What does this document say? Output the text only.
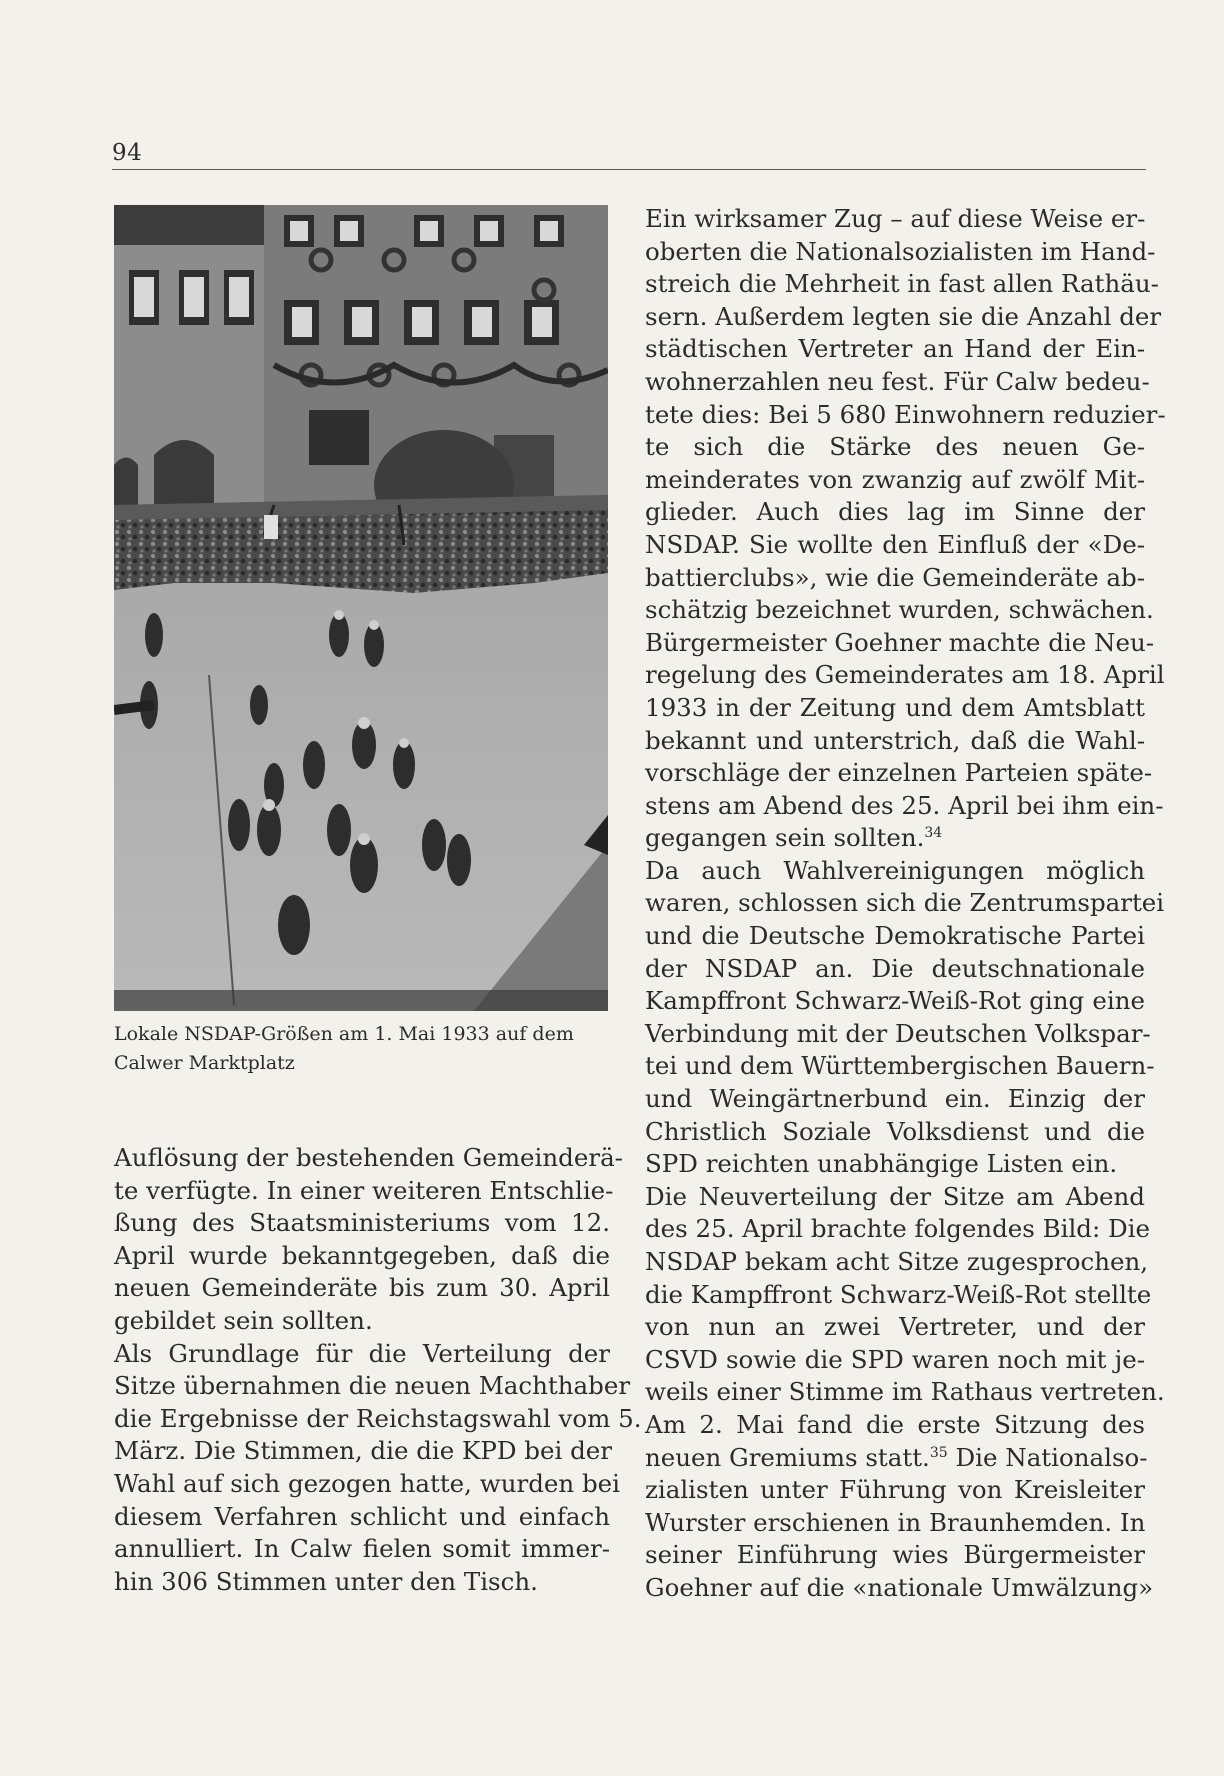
94
Lokale NSDAP-Größen am 1. Mai 1933 auf dem
Calwer Marktplatz
Auflösung der bestehenden Gemeinderä-
te verfügte. In einer weiteren Entschlie-
ßung des Staatsministeriums vom 12.
April wurde bekanntgegeben, daß die
neuen Gemeinderäte bis zum 30. April
gebildet sein sollten.
Als Grundlage für die Verteilung der
Sitze übernahmen die neuen Machthaber
die Ergebnisse der Reichstagswahl vom 5.
März. Die Stimmen, die die KPD bei der
Wahl auf sich gezogen hatte, wurden bei
diesem Verfahren schlicht und einfach
annulliert. In Calw fielen somit immer-
hin 306 Stimmen unter den Tisch.
Ein wirksamer Zug – auf diese Weise er-
oberten die Nationalsozialisten im Hand-
streich die Mehrheit in fast allen Rathäu-
sern. Außerdem legten sie die Anzahl der
städtischen Vertreter an Hand der Ein-
wohnerzahlen neu fest. Für Calw bedeu-
tete dies: Bei 5 680 Einwohnern reduzier-
te sich die Stärke des neuen Ge-
meinderates von zwanzig auf zwölf Mit-
glieder. Auch dies lag im Sinne der
NSDAP. Sie wollte den Einfluß der «De-
battierclubs», wie die Gemeinderäte ab-
schätzig bezeichnet wurden, schwächen.
Bürgermeister Goehner machte die Neu-
regelung des Gemeinderates am 18. April
1933 in der Zeitung und dem Amtsblatt
bekannt und unterstrich, daß die Wahl-
vorschläge der einzelnen Parteien späte-
stens am Abend des 25. April bei ihm ein-
gegangen sein sollten.$^{34}$
Da auch Wahlvereinigungen möglich
waren, schlossen sich die Zentrumspartei
und die Deutsche Demokratische Partei
der NSDAP an. Die deutschnationale
Kampffront Schwarz-Weiß-Rot ging eine
Verbindung mit der Deutschen Volkspar-
tei und dem Württembergischen Bauern-
und Weingärtnerbund ein. Einzig der
Christlich Soziale Volksdienst und die
SPD reichten unabhängige Listen ein.
Die Neuverteilung der Sitze am Abend
des 25. April brachte folgendes Bild: Die
NSDAP bekam acht Sitze zugesprochen,
die Kampffront Schwarz-Weiß-Rot stellte
von nun an zwei Vertreter, und der
CSVD sowie die SPD waren noch mit je-
weils einer Stimme im Rathaus vertreten.
Am 2. Mai fand die erste Sitzung des
neuen Gremiums statt.$^{35}$ Die Nationalso-
zialisten unter Führung von Kreisleiter
Wurster erschienen in Braunhemden. In
seiner Einführung wies Bürgermeister
Goehner auf die «nationale Umwälzung»
